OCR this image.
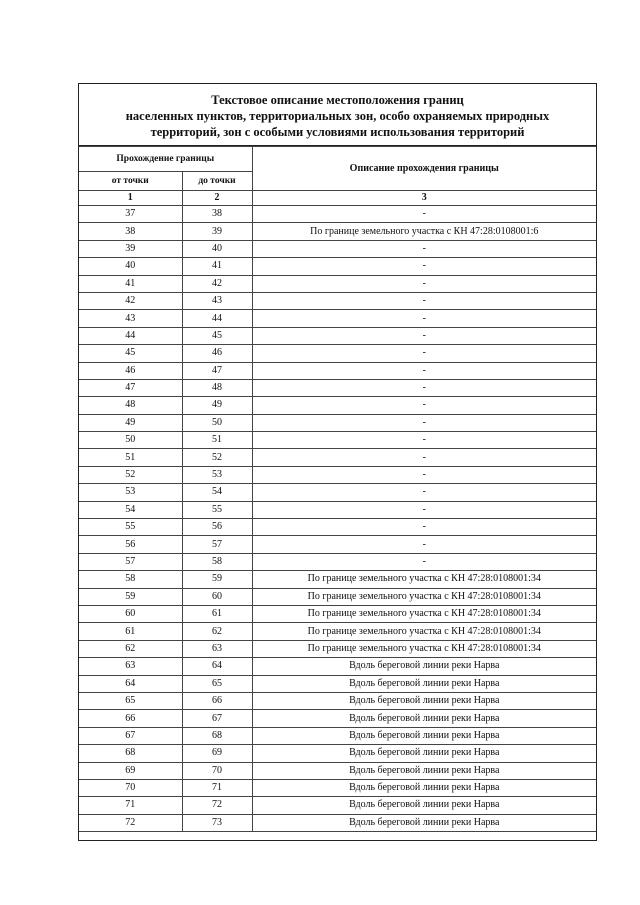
Текстовое описание местоположения границ
населенных пунктов, территориальных зон, особо охраняемых природных
территорий, зон с особыми условиями использования территорий
Прохождение границы		Описание прохождения границы
от точки	до точки	
1	2	3
37	38	-
38	39	По границе земельного участка с КН 47:28:0108001:6
39	40	-
40	41	-
41	42	-
42	43	-
43	44	-
44	45	-
45	46	-
46	47	-
47	48	-
48	49	-
49	50	-
50	51	-
51	52	-
52	53	-
53	54	-
54	55	-
55	56	-
56	57	-
57	58	-
58	59	По границе земельного участка с КН 47:28:0108001:34
59	60	По границе земельного участка с КН 47:28:0108001:34
60	61	По границе земельного участка с КН 47:28:0108001:34
61	62	По границе земельного участка с КН 47:28:0108001:34
62	63	По границе земельного участка с КН 47:28:0108001:34
63	64	Вдоль береговой линии реки Нарва
64	65	Вдоль береговой линии реки Нарва
65	66	Вдоль береговой линии реки Нарва
66	67	Вдоль береговой линии реки Нарва
67	68	Вдоль береговой линии реки Нарва
68	69	Вдоль береговой линии реки Нарва
69	70	Вдоль береговой линии реки Нарва
70	71	Вдоль береговой линии реки Нарва
71	72	Вдоль береговой линии реки Нарва
72	73	Вдоль береговой линии реки Нарва
